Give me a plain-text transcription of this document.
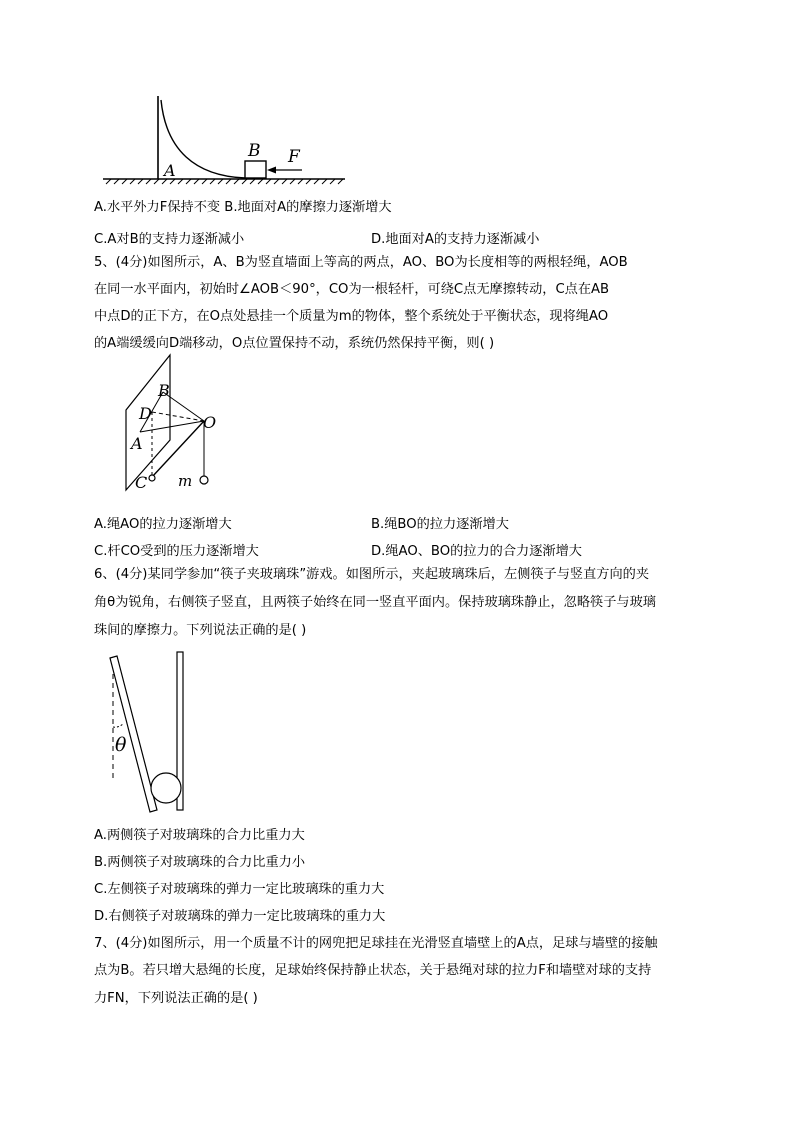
A
B F
A.水平外力F保持不变 B.地面对A的摩擦力逐渐增大
C.A对B的支持力逐渐减小	D.地面对A的支持力逐渐减小
5、(4分)如图所示，A、B为竖直墙面上等高的两点，AO、BO为长度相等的两根轻绳，AOB
在同一水平面内，初始时∠AOB＜90°，CO为一根轻杆，可绕C点无摩擦转动，C点在AB
中点D的正下方，在O点处悬挂一个质量为m的物体，整个系统处于平衡状态，现将绳AO
的A端缓缓向D端移动，O点位置保持不动，系统仍然保持平衡，则( )
B
D	O
A
C m
A.绳AO的拉力逐渐增大	B.绳BO的拉力逐渐增大
C.杆CO受到的压力逐渐增大	D.绳AO、BO的拉力的合力逐渐增大
6、(4分)某同学参加“筷子夹玻璃珠”游戏。如图所示，夹起玻璃珠后，左侧筷子与竖直方向的夹
角θ为锐角，右侧筷子竖直，且两筷子始终在同一竖直平面内。保持玻璃珠静止，忽略筷子与玻璃
珠间的摩擦力。下列说法正确的是( )
θ
A.两侧筷子对玻璃珠的合力比重力大
B.两侧筷子对玻璃珠的合力比重力小
C.左侧筷子对玻璃珠的弹力一定比玻璃珠的重力大
D.右侧筷子对玻璃珠的弹力一定比玻璃珠的重力大
7、(4分)如图所示，用一个质量不计的网兜把足球挂在光滑竖直墙壁上的A点，足球与墙壁的接触
点为B。若只增大悬绳的长度，足球始终保持静止状态，关于悬绳对球的拉力F和墙壁对球的支持
力FN，下列说法正确的是( )
